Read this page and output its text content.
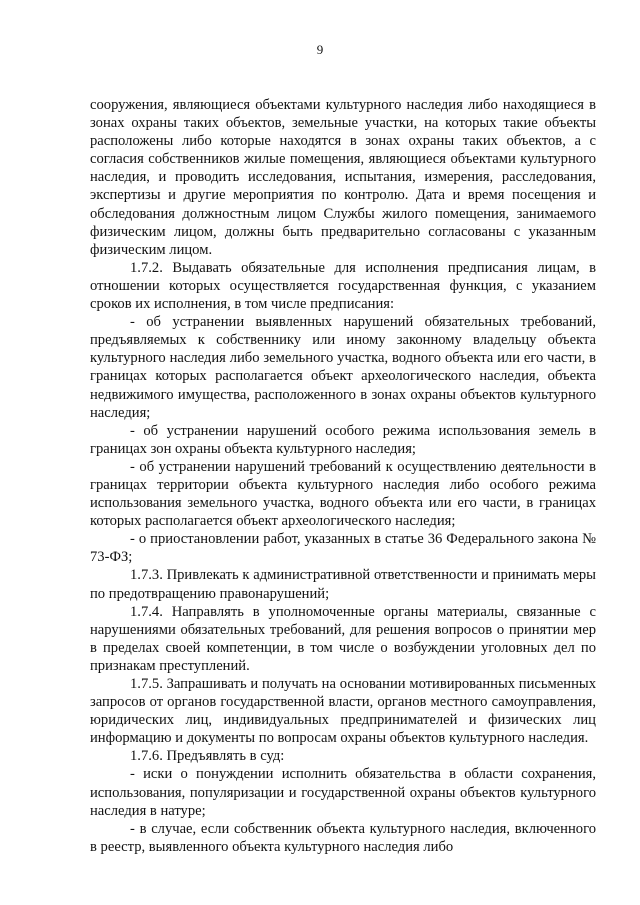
9

сооружения, являющиеся объектами культурного наследия либо находящиеся в зонах охраны таких объектов, земельные участки, на которых такие объекты расположены либо которые находятся в зонах охраны таких объектов, а с согласия собственников жилые помещения, являющиеся объектами культурного наследия, и проводить исследования, испытания, измерения, расследования, экспертизы и другие мероприятия по контролю. Дата и время посещения и обследования должностным лицом Службы жилого помещения, занимаемого физическим лицом, должны быть предварительно согласованы с указанным физическим лицом.

1.7.2. Выдавать обязательные для исполнения предписания лицам, в отношении которых осуществляется государственная функция, с указанием сроков их исполнения, в том числе предписания:

- об устранении выявленных нарушений обязательных требований, предъявляемых к собственнику или иному законному владельцу объекта культурного наследия либо земельного участка, водного объекта или его части, в границах которых располагается объект археологического наследия, объекта недвижимого имущества, расположенного в зонах охраны объектов культурного наследия;

- об устранении нарушений особого режима использования земель в границах зон охраны объекта культурного наследия;

- об устранении нарушений требований к осуществлению деятельности в границах территории объекта культурного наследия либо особого режима использования земельного участка, водного объекта или его части, в границах которых располагается объект археологического наследия;

- о приостановлении работ, указанных в статье 36 Федерального закона № 73-ФЗ;

1.7.3. Привлекать к административной ответственности и принимать меры по предотвращению правонарушений;

1.7.4. Направлять в уполномоченные органы материалы, связанные с нарушениями обязательных требований, для решения вопросов о принятии мер в пределах своей компетенции, в том числе о возбуждении уголовных дел по признакам преступлений.

1.7.5. Запрашивать и получать на основании мотивированных письменных запросов от органов государственной власти, органов местного самоуправления, юридических лиц, индивидуальных предпринимателей и физических лиц информацию и документы по вопросам охраны объектов культурного наследия.

1.7.6. Предъявлять в суд:

- иски о понуждении исполнить обязательства в области сохранения, использования, популяризации и государственной охраны объектов культурного наследия в натуре;

- в случае, если собственник объекта культурного наследия, включенного в реестр, выявленного объекта культурного наследия либо
